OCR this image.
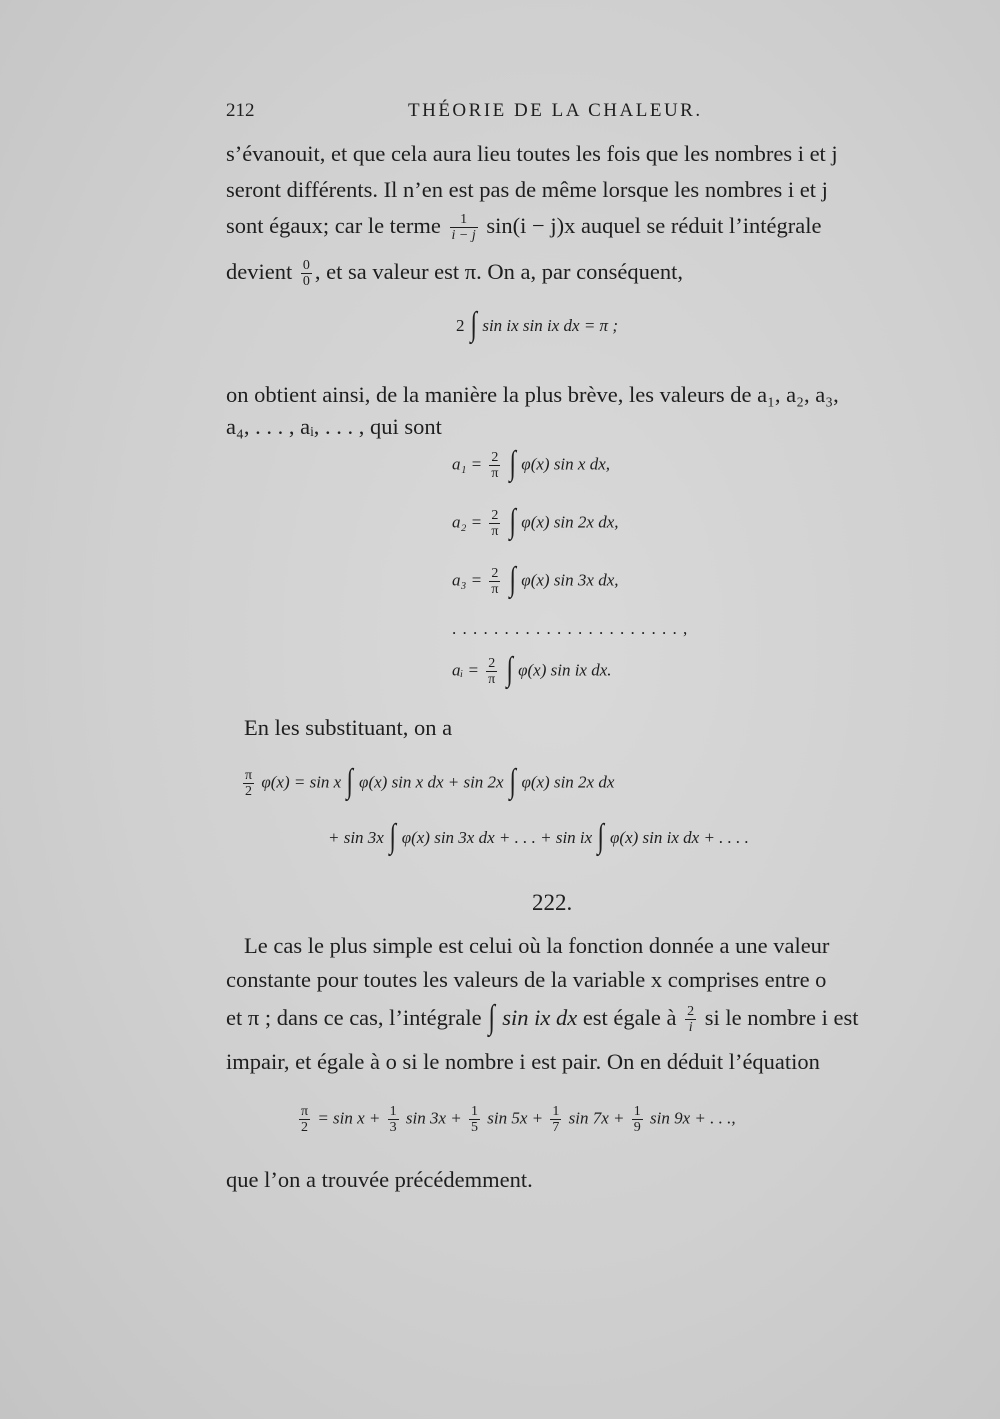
212	THÉORIE DE LA CHALEUR.
s’évanouit, et que cela aura lieu toutes les fois que les nombres i et j
seront différents. Il n’en est pas de même lorsque les nombres i et j
sont égaux; car le terme $\frac{1}{i - j} \sin(i - j)x$ auquel se réduit l’intégrale
devient $\frac{0}{0}$ , et sa valeur est π. On a, par conséquent,
2 ∫ sin ix sin ix dx = π ;
on obtient ainsi, de la manière la plus brève, les valeurs de a₁, a₂, a₃,
a₄, . . . , aᵢ, . . . , qui sont
$a_1 = \frac{2}{\pi}$ ∫ φ(x) sin x dx,
$a_2 = \frac{2}{\pi}$ ∫ φ(x) sin 2x dx,
$a_3 = \frac{2}{\pi}$ ∫ φ(x) sin 3x dx,
. . . . . . . . . . . . . . . . . . . . . . ,
aᵢ = $\frac{2}{\pi}$ ∫ φ(x) sin ix dx.
En les substituant, on a
$\frac{\pi}{2} \varphi(x) = \sin x$ ∫ φ(x) sin x dx + sin 2x ∫ φ(x) sin 2x dx
+ sin 3x ∫ φ(x) sin 3x dx + . . . + sin ix ∫ φ(x) sin ix dx + . . . .
222.
Le cas le plus simple est celui où la fonction donnée a une valeur
constante pour toutes les valeurs de la variable x comprises entre o
et π ; dans ce cas, l’intégrale ∫ sin ix dx est égale à $\frac{2}{i}$ si le nombre i est
impair, et égale à o si le nombre i est pair. On en déduit l’équation
$\frac{\pi}{2} = \sin x + \frac{1}{3}$ $\sin 3x + \frac{1}{5}$ $\sin 5x + \frac{1}{7}$ $\sin 7x + \frac{1}{9}$ sin 9x + . . .,
que l’on a trouvée précédemment.
